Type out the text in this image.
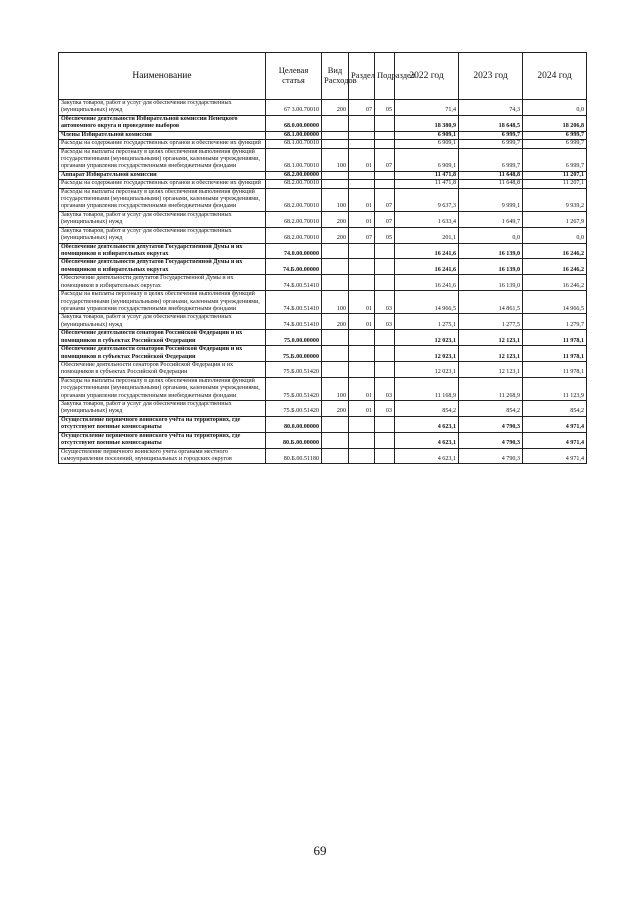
Наименование	Целевая статья	Вид Расходов	Раздел	Подраздел	2022 год	2023 год	2024 год
Закупка товаров, работ и услуг для обеспечения государственных (муниципальных) нужд	67 3.00.70010	200	07	05	71,4	74,3	0,0
Обеспечение деятельности Избирательной комиссии Ненецкого автономного округа и проведение выборов	68.0.00.00000				18 380,9	18 648,5	18 206,8
Члены Избирательной комиссии	68.1.00.00000				6 909,1	6 999,7	6 999,7
Расходы на содержание государственных органов и обеспечение их функций	68.1.00.70010				6 909,1	6 999,7	6 999,7
Расходы на выплаты персоналу в целях обеспечения выполнения функций государственными (муниципальными) органами, казенными учреждениями, органами управления государственными внебюджетными фондами	68.1.00.70010	100	01	07	6 909,1	6 999,7	6 999,7
Аппарат Избирательной комиссии	68.2.00.00000				11 471,8	11 648,8	11 207,1
Расходы на содержание государственных органов и обеспечение их функций	68.2.00.70010				11 471,8	11 648,8	11 207,1
Расходы на выплаты персоналу в целях обеспечения выполнения функций государственными (муниципальными) органами, казенными учреждениями, органами управления государственными внебюджетными фондами	68.2.00.70010	100	01	07	9 637,3	9 999,1	9 939,2
Закупка товаров, работ и услуг для обеспечения государственных (муниципальных) нужд	68.2.00.70010	200	01	07	1 633,4	1 649,7	1 267,9
Закупка товаров, работ и услуг для обеспечения государственных (муниципальных) нужд	68.2.00.70010	200	07	05	201,1	0,0	0,0
Обеспечение деятельности депутатов Государственной Думы и их помощников в избирательных округах	74.0.00.00000				16 241,6	16 139,0	16 246,2
Обеспечение деятельности депутатов Государственной Думы и их помощников в избирательных округах	74.Б.00.00000				16 241,6	16 139,0	16 246,2
Обеспечение деятельности депутатов Государственной Думы и их помощников в избирательных округах	74.Б.00.51410				16 241,6	16 139,0	16 246,2
Расходы на выплаты персоналу в целях обеспечения выполнения функций государственными (муниципальными) органами, казенными учреждениями, органами управления государственными внебюджетными фондами	74.Б.00.51410	100	01	03	14 966,5	14 861,5	14 966,5
Закупка товаров, работ и услуг для обеспечения государственных (муниципальных) нужд	74.Б.00.51410	200	01	03	1 275,1	1 277,5	1 279,7
Обеспечение деятельности сенаторов Российской Федерации и их помощников в субъектах Российской Федерации	75.0.00.00000				12 023,1	12 123,1	11 978,1
Обеспечение деятельности сенаторов Российской Федерации и их помощников в субъектах Российской Федерации	75.Б.00.00000				12 023,1	12 123,1	11 978,1
Обеспечение деятельности сенаторов Российской Федерации и их помощников в субъектах Российской Федерации	75.Б.00.51420				12 023,1	12 123,1	11 978,1
Расходы на выплаты персоналу в целях обеспечения выполнения функций государственными (муниципальными) органами, казенными учреждениями, органами управления государственными внебюджетными фондами	75.Б.00.51420	100	01	03	11 168,9	11 268,9	11 123,9
Закупка товаров, работ и услуг для обеспечения государственных (муниципальных) нужд	75.Б.00.51420	200	01	03	854,2	854,2	854,2
Осуществление первичного воинского учёта на территориях, где отсутствуют военные комиссариаты	80.0.00.00000				4 623,1	4 790,3	4 971,4
Осуществление первичного воинского учёта на территориях, где отсутствуют военные комиссариаты	80.Б.00.00000				4 623,1	4 790,3	4 971,4
Осуществление первичного воинского учета органами местного самоуправления поселений, муниципальных и городских округов	80.Б.00.51180				4 623,1	4 790,3	4 971,4
69
